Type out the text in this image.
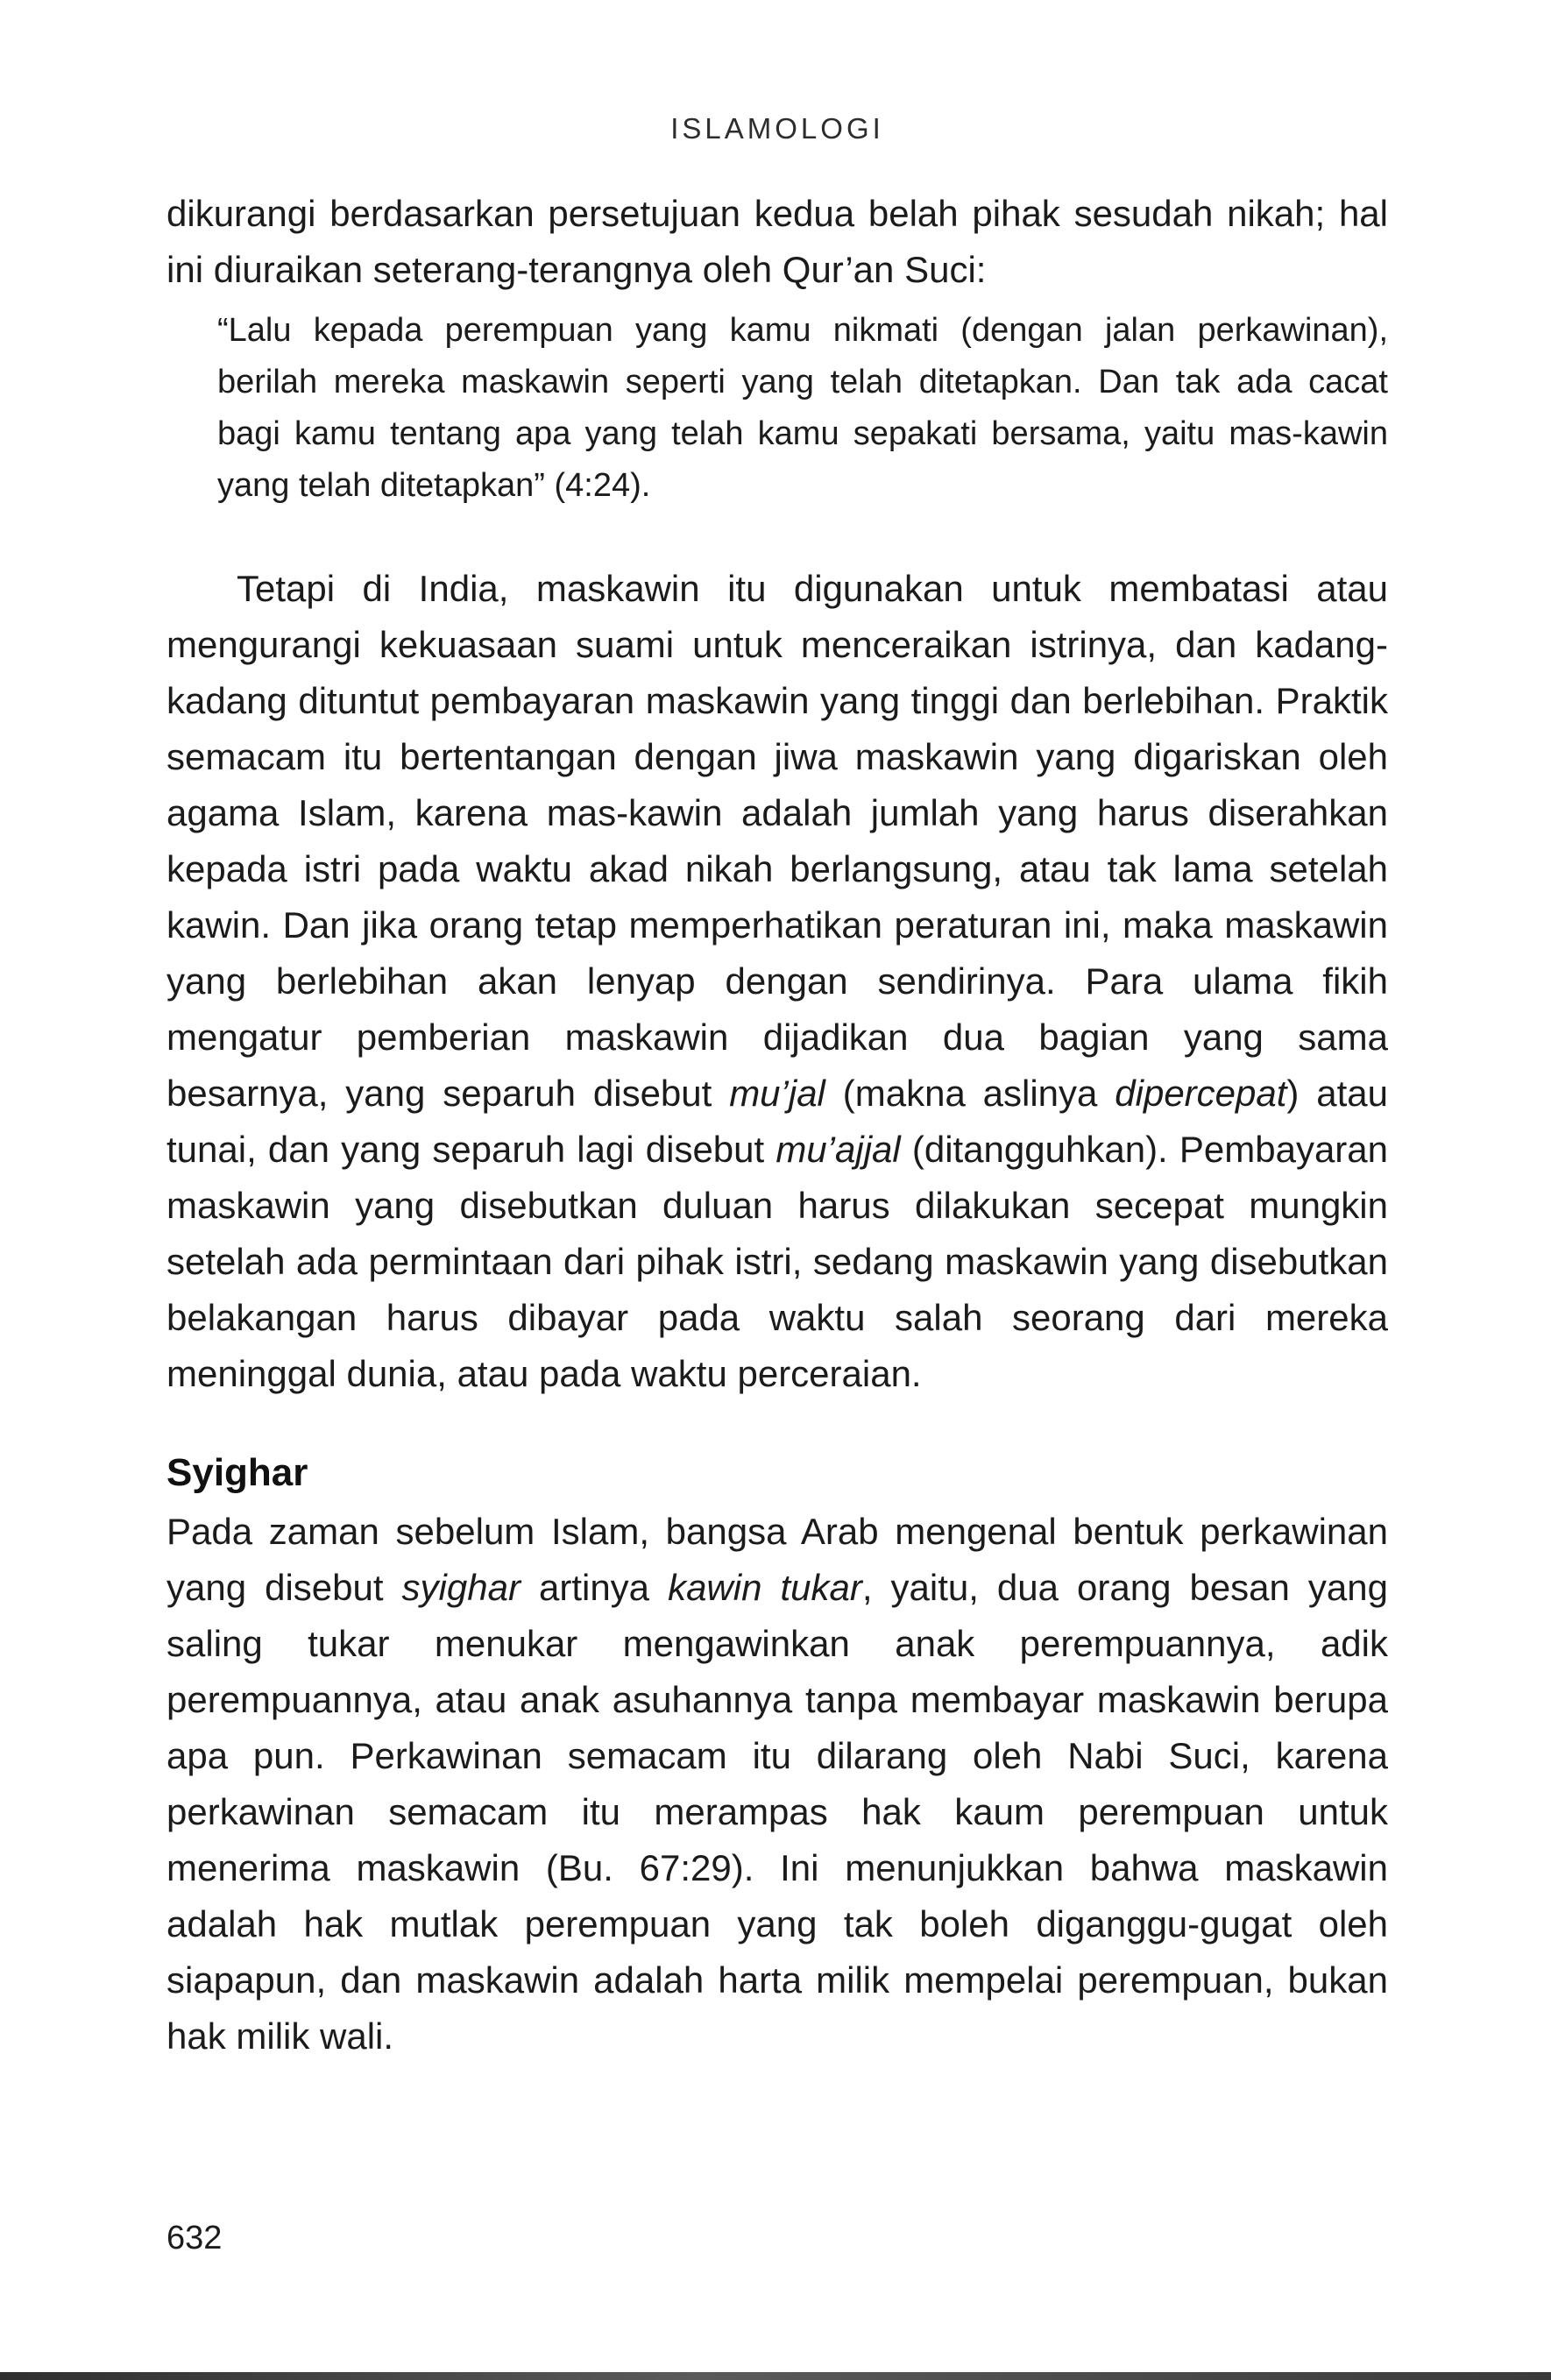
ISLAMOLOGI

dikurangi berdasarkan persetujuan kedua belah pihak sesudah nikah; hal ini diuraikan seterang-terangnya oleh Qur’an Suci:

“Lalu kepada perempuan yang kamu nikmati (dengan jalan perkawinan), berilah mereka maskawin seperti yang telah ditetapkan. Dan tak ada cacat bagi kamu tentang apa yang telah kamu sepakati bersama, yaitu mas-kawin yang telah ditetapkan” (4:24).

Tetapi di India, maskawin itu digunakan untuk membatasi atau mengurangi kekuasaan suami untuk menceraikan istrinya, dan kadang-kadang dituntut pembayaran maskawin yang tinggi dan berlebihan. Praktik semacam itu bertentangan dengan jiwa maskawin yang digariskan oleh agama Islam, karena mas-kawin adalah jumlah yang harus diserahkan kepada istri pada waktu akad nikah berlangsung, atau tak lama setelah kawin. Dan jika orang tetap memperhatikan peraturan ini, maka maskawin yang berlebihan akan lenyap dengan sendirinya. Para ulama fikih mengatur pemberian maskawin dijadikan dua bagian yang sama besarnya, yang separuh disebut mu’jal (makna aslinya dipercepat) atau tunai, dan yang separuh lagi disebut mu’ajjal (ditangguhkan). Pembayaran maskawin yang disebutkan duluan harus dilakukan secepat mungkin setelah ada permintaan dari pihak istri, sedang maskawin yang disebutkan belakangan harus dibayar pada waktu salah seorang dari mereka meninggal dunia, atau pada waktu perceraian.

Syighar

Pada zaman sebelum Islam, bangsa Arab mengenal bentuk perkawinan yang disebut syighar artinya kawin tukar, yaitu, dua orang besan yang saling tukar menukar mengawinkan anak perempuannya, adik perempuannya, atau anak asuhannya tanpa membayar maskawin berupa apa pun. Perkawinan semacam itu dilarang oleh Nabi Suci, karena perkawinan semacam itu merampas hak kaum perempuan untuk menerima maskawin (Bu. 67:29). Ini menunjukkan bahwa maskawin adalah hak mutlak perempuan yang tak boleh diganggu-gugat oleh siapapun, dan maskawin adalah harta milik mempelai perempuan, bukan hak milik wali.

632
